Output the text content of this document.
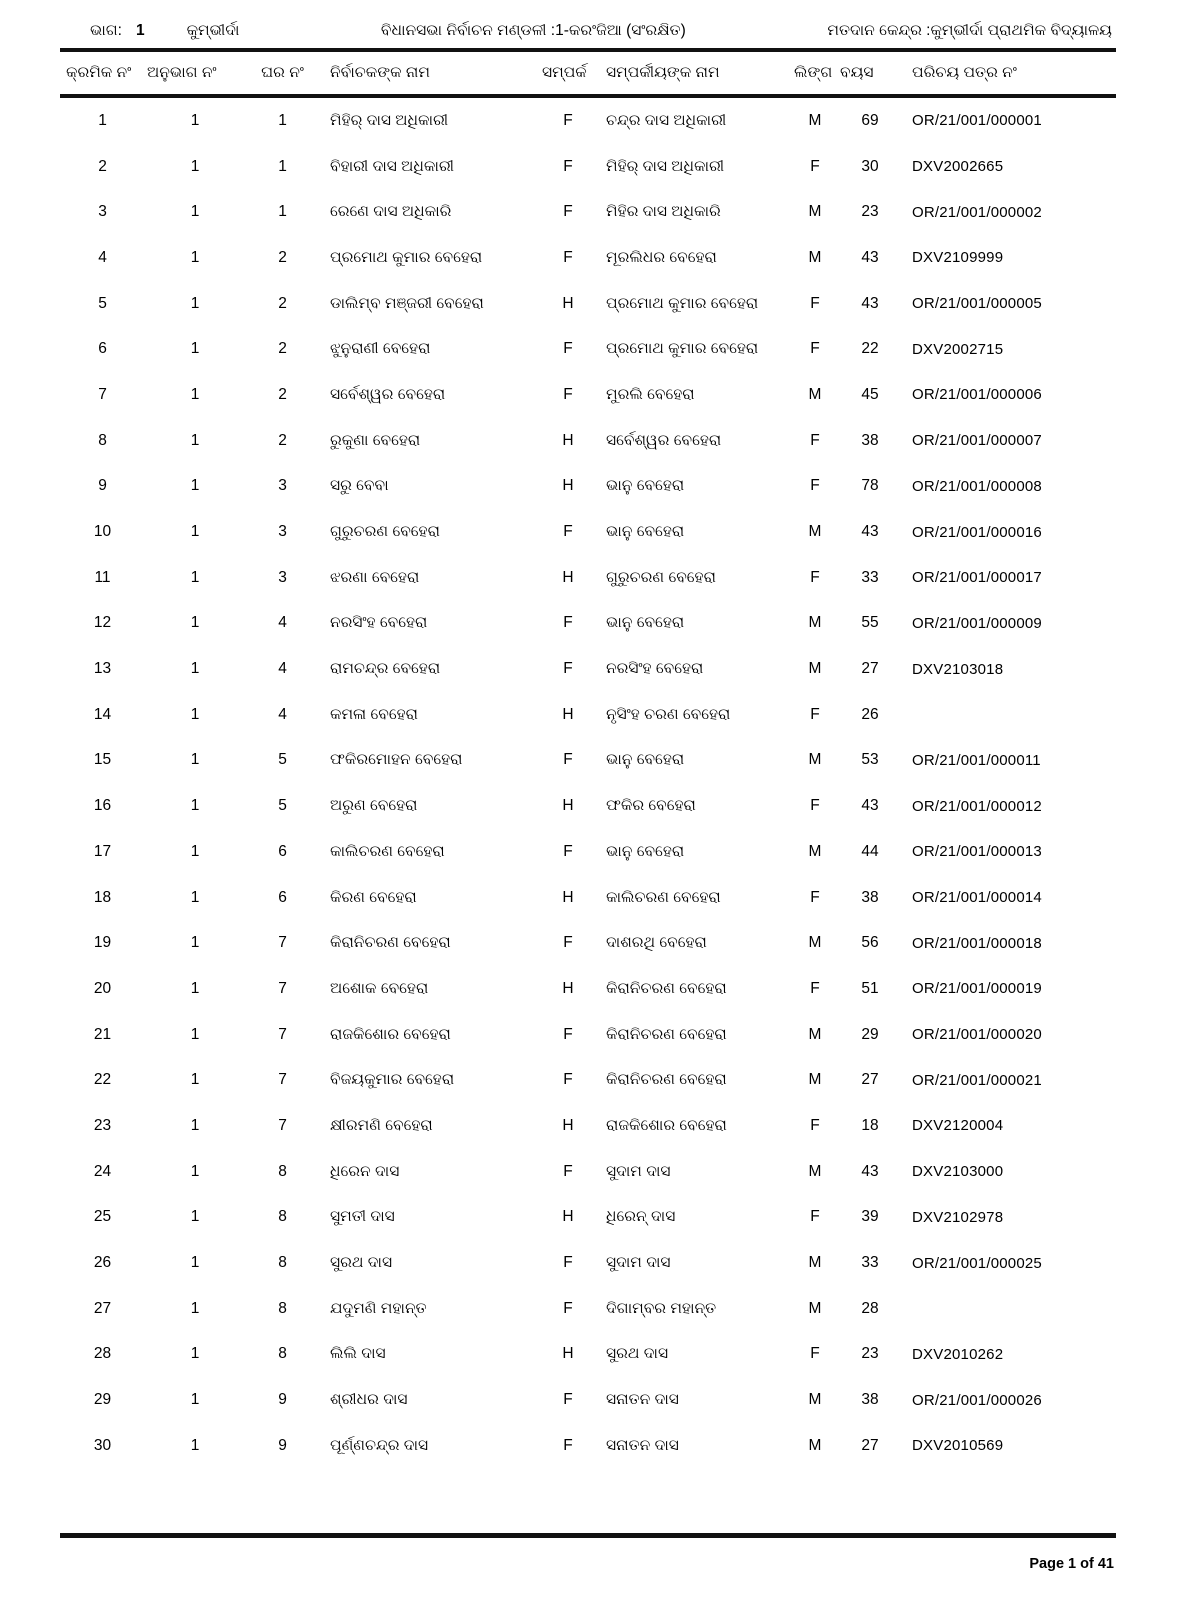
ଭାଗ: 1	କୁମ୍ଭୀର୍ଦା	ବିଧାନସଭା ନିର୍ବାଚନ ମଣ୍ଡଳୀ :1-କରଂଜିଆ (ସଂରକ୍ଷିତ)	ମତଦାନ କେନ୍ଦ୍ର :କୁମ୍ଭୀର୍ଦା ପ୍ରାଥମିକ ବିଦ୍ୟାଳୟ
କ୍ରମିକ ନଂ	ଅନୁଭାଗ ନଂ	ଘର ନଂ	ନିର୍ବାଚକଙ୍କ ନାମ	ସମ୍ପର୍କ	ସମ୍ପର୍କୀୟଙ୍କ ନାମ	ଲିଙ୍ଗ	ବୟସ	ପରିଚୟ ପତ୍ର ନଂ
1	1	1	ମିହିର୍ ଦାସ ଅଧିକାରୀ	F	ଚନ୍ଦ୍ର ଦାସ ଅଧିକାରୀ	M	69	OR/21/001/000001
2	1	1	ବିହାରୀ ଦାସ ଅଧିକାରୀ	F	ମିହିର୍ ଦାସ ଅଧିକାରୀ	F	30	DXV2002665
3	1	1	ରେଣେ ଦାସ ଅଧିକାରି	F	ମିହିର ଦାସ ଅଧିକାରି	M	23	OR/21/001/000002
4	1	2	ପ୍ରମୋଥ କୁମାର ବେହେରା	F	ମୂରଲିଧର ବେହେରା	M	43	DXV2109999
5	1	2	ଡାଲିମ୍ବ ମଞ୍ଜରୀ ବେହେରା	H	ପ୍ରମୋଥ କୁମାର ବେହେରା	F	43	OR/21/001/000005
6	1	2	ଝୁନୁରାଣୀ ବେହେରା	F	ପ୍ରମୋଥ କୁମାର ବେହେରା	F	22	DXV2002715
7	1	2	ସର୍ବେଶ୍ୱର ବେହେରା	F	ମୁରଲି ବେହେରା	M	45	OR/21/001/000006
8	1	2	ରୁକୁଣା ବେହେରା	H	ସର୍ବେଶ୍ୱର ବେହେରା	F	38	OR/21/001/000007
9	1	3	ସରୁ ବେବା	H	ଭାନୁ ବେହେରା	F	78	OR/21/001/000008
10	1	3	ଗୁରୁଚରଣ ବେହେରା	F	ଭାନୁ ବେହେରା	M	43	OR/21/001/000016
11	1	3	ଝରଣା ବେହେରା	H	ଗୁରୁଚରଣ ବେହେରା	F	33	OR/21/001/000017
12	1	4	ନରସିଂହ ବେହେରା	F	ଭାନୁ ବେହେରା	M	55	OR/21/001/000009
13	1	4	ରାମଚନ୍ଦ୍ର ବେହେରା	F	ନରସିଂହ ବେହେରା	M	27	DXV2103018
14	1	4	କମଳା ବେହେରା	H	ନୃସିଂହ ଚରଣ ବେହେରା	F	26	
15	1	5	ଫକିରମୋହନ ବେହେରା	F	ଭାନୁ ବେହେରା	M	53	OR/21/001/000011
16	1	5	ଅରୁଣ ବେହେରା	H	ଫକିର ବେହେରା	F	43	OR/21/001/000012
17	1	6	କାଲିଚରଣ ବେହେରା	F	ଭାନୁ ବେହେରା	M	44	OR/21/001/000013
18	1	6	କିରଣ ବେହେରା	H	କାଲିଚରଣ ବେହେରା	F	38	OR/21/001/000014
19	1	7	କିରାନିଚରଣ ବେହେରା	F	ଦାଶରଥି ବେହେରା	M	56	OR/21/001/000018
20	1	7	ଅଶୋକ ବେହେରା	H	କିରାନିଚରଣ ବେହେରା	F	51	OR/21/001/000019
21	1	7	ରାଜକିଶୋର ବେହେରା	F	କିରାନିଚରଣ ବେହେରା	M	29	OR/21/001/000020
22	1	7	ବିଜୟକୁମାର ବେହେରା	F	କିରାନିଚରଣ ବେହେରା	M	27	OR/21/001/000021
23	1	7	କ୍ଷୀରମଣି ବେହେରା	H	ରାଜକିଶୋର ବେହେରା	F	18	DXV2120004
24	1	8	ଧିରେନ ଦାସ	F	ସୁଦାମ ଦାସ	M	43	DXV2103000
25	1	8	ସୁମତୀ ଦାସ	H	ଧିରେନ୍ ଦାସ	F	39	DXV2102978
26	1	8	ସୁରଥ ଦାସ	F	ସୁଦାମ ଦାସ	M	33	OR/21/001/000025
27	1	8	ଯଦୁମଣି ମହାନ୍ତ	F	ଦିଗାମ୍ବର ମହାନ୍ତ	M	28	
28	1	8	ଲିଲି ଦାସ	H	ସୁରଥ ଦାସ	F	23	DXV2010262
29	1	9	ଶ୍ରୀଧର ଦାସ	F	ସନାତନ ଦାସ	M	38	OR/21/001/000026
30	1	9	ପୂର୍ଣ୍ଣଚନ୍ଦ୍ର ଦାସ	F	ସନାତନ ଦାସ	M	27	DXV2010569
Page 1 of 41
